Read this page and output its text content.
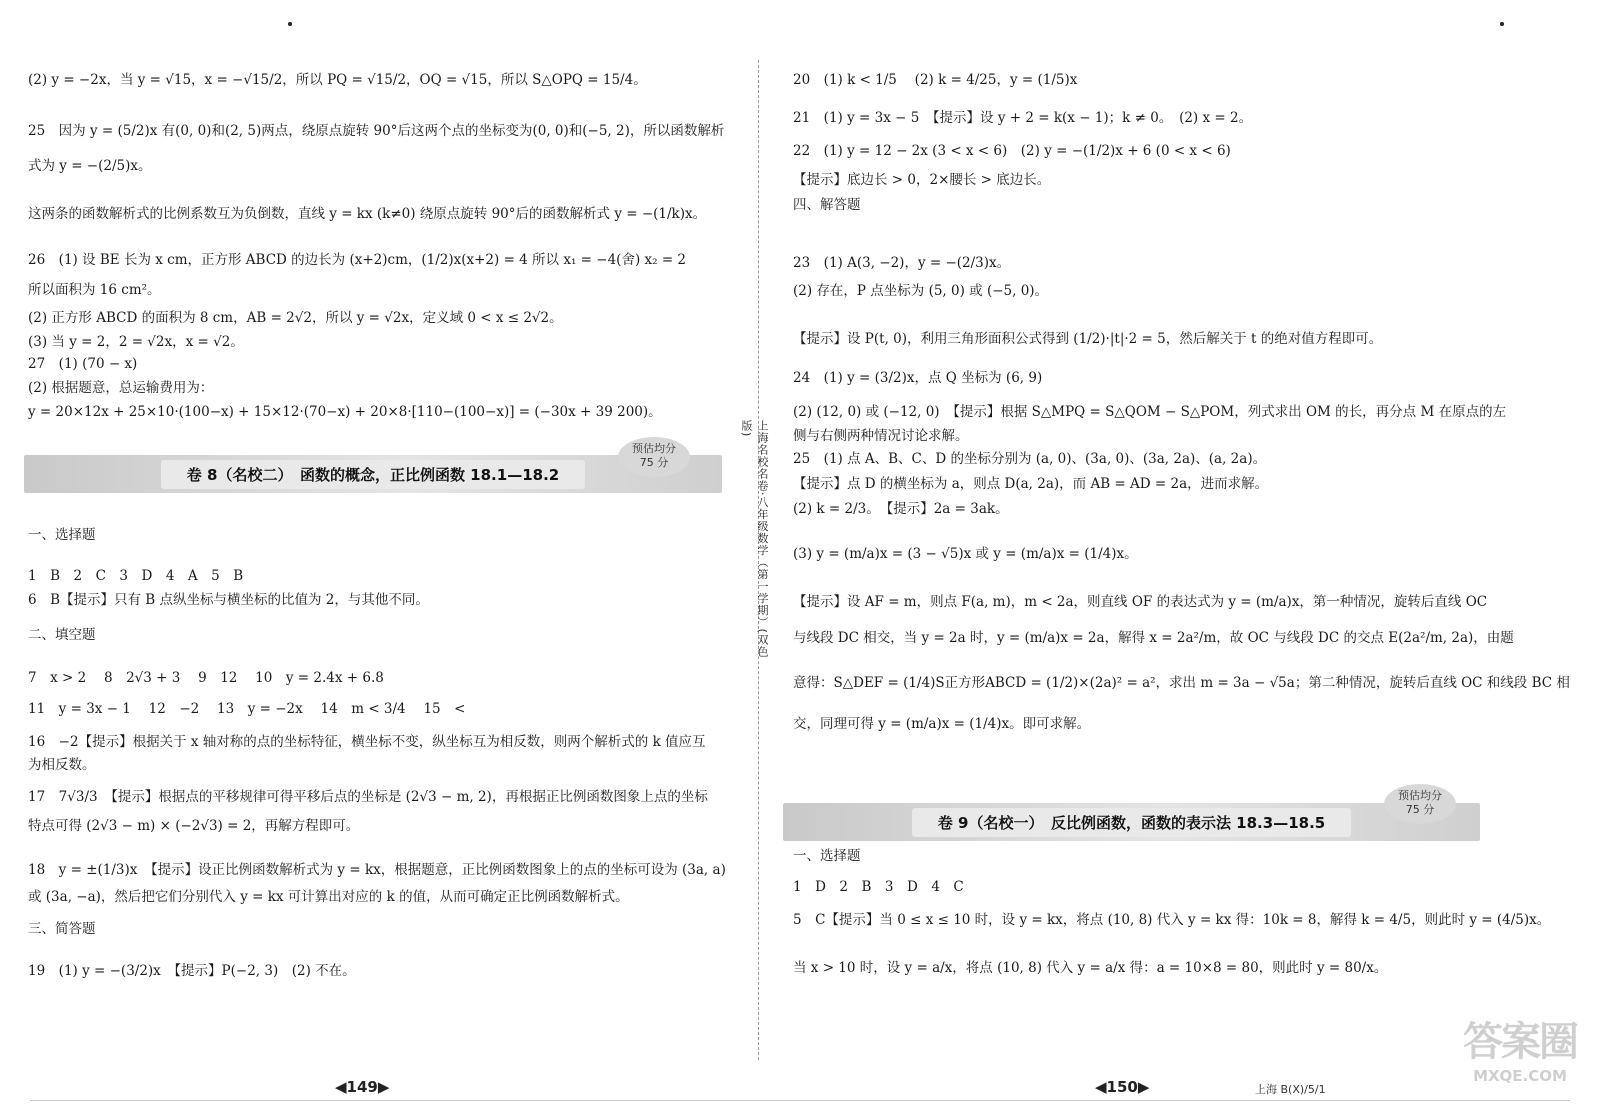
(2) y = −2x，当 y = √15，x = −√15/2，所以 PQ = √15/2，OQ = √15，所以 S△OPQ = 15/4。
25　因为 y = (5/2)x 有(0, 0)和(2, 5)两点，绕原点旋转 90°后这两个点的坐标变为(0, 0)和(−5, 2)，所以函数解析
式为 y = −(2/5)x。
这两条的函数解析式的比例系数互为负倒数，直线 y = kx (k≠0) 绕原点旋转 90°后的函数解析式 y = −(1/k)x。
26　(1) 设 BE 长为 x cm，正方形 ABCD 的边长为 (x+2)cm，(1/2)x(x+2) = 4 所以 x₁ = −4(舍) x₂ = 2
所以面积为 16 cm²。
(2) 正方形 ABCD 的面积为 8 cm，AB = 2√2，所以 y = √2x，定义域 0 < x ≤ 2√2。
(3) 当 y = 2，2 = √2x，x = √2。
27　(1) (70 − x)
(2) 根据题意，总运输费用为：
y = 20×12x + 25×10·(100−x) + 15×12·(70−x) + 20×8·[110−(100−x)] = (−30x + 39 200)。
一、选择题
1　B　2　C　3　D　4　A　5　B
6　B【提示】只有 B 点纵坐标与横坐标的比值为 2，与其他不同。
二、填空题
7　x > 2　 8　2√3 + 3　 9　12　 10　y = 2.4x + 6.8
11　y = 3x − 1　 12　−2　 13　y = −2x　 14　m < 3/4　 15　<
16　−2【提示】根据关于 x 轴对称的点的坐标特征，横坐标不变，纵坐标互为相反数，则两个解析式的 k 值应互
为相反数。
17　7√3/3　【提示】根据点的平移规律可得平移后点的坐标是 (2√3 − m, 2)，再根据正比例函数图象上点的坐标
特点可得 (2√3 − m) × (−2√3) = 2，再解方程即可。
18　y = ±(1/3)x　【提示】设正比例函数解析式为 y = kx，根据题意，正比例函数图象上的点的坐标可设为 (3a, a)
或 (3a, −a)，然后把它们分别代入 y = kx 可计算出对应的 k 的值，从而可确定正比例函数解析式。
三、简答题
19　(1) y = −(3/2)x　【提示】P(−2, 3)　(2) 不在。
20　(1) k < 1/5　 (2) k = 4/25，y = (1/5)x
21　(1) y = 3x − 5　【提示】设 y + 2 = k(x − 1)；k ≠ 0。　(2) x = 2。
22　(1) y = 12 − 2x (3 < x < 6)　(2) y = −(1/2)x + 6 (0 < x < 6)
【提示】底边长 > 0，2×腰长 > 底边长。
四、解答题
23　(1) A(3, −2)，y = −(2/3)x。
(2) 存在，P 点坐标为 (5, 0) 或 (−5, 0)。
【提示】设 P(t, 0)，利用三角形面积公式得到 (1/2)·|t|·2 = 5，然后解关于 t 的绝对值方程即可。
24　(1) y = (3/2)x，点 Q 坐标为 (6, 9)
(2) (12, 0) 或 (−12, 0)　【提示】根据 S△MPQ = S△QOM − S△POM，列式求出 OM 的长，再分点 M 在原点的左
侧与右侧两种情况讨论求解。
25　(1) 点 A、B、C、D 的坐标分别为 (a, 0)、(3a, 0)、(3a, 2a)、(a, 2a)。
【提示】点 D 的横坐标为 a，则点 D(a, 2a)，而 AB = AD = 2a，进而求解。
(2) k = 2/3。　【提示】2a = 3ak。
(3) y = (m/a)x = (3 − √5)x 或 y = (m/a)x = (1/4)x。
【提示】设 AF = m，则点 F(a, m)，m < 2a，则直线 OF 的表达式为 y = (m/a)x，第一种情况，旋转后直线 OC
与线段 DC 相交，当 y = 2a 时，y = (m/a)x = 2a，解得 x = 2a²/m，故 OC 与线段 DC 的交点 E(2a²/m, 2a)，由题
意得：S△DEF = (1/4)S正方形ABCD = (1/2)×(2a)² = a²，求出 m = 3a − √5a；第二种情况，旋转后直线 OC 和线段 BC 相
交，同理可得 y = (m/a)x = (1/4)x。即可求解。
一、选择题
1　D　2　B　3　D　4　C
5　C【提示】当 0 ≤ x ≤ 10 时，设 y = kx，将点 (10, 8) 代入 y = kx 得：10k = 8，解得 k = 4/5，则此时 y = (4/5)x。
当 x > 10 时，设 y = a/x，将点 (10, 8) 代入 y = a/x 得：a = 10×8 = 80，则此时 y = 80/x。
卷 8（名校二）　函数的概念，正比例函数 18.1—18.2
预估均分
75 分
卷 9（名校一）　反比例函数，函数的表示法 18.3—18.5
预估均分
75 分
上海名校名卷·八年级数学（第一学期）(双色版)
◀149▶	◀150▶	上海 B(X)/5/1
答案圈
MXQE.COM
